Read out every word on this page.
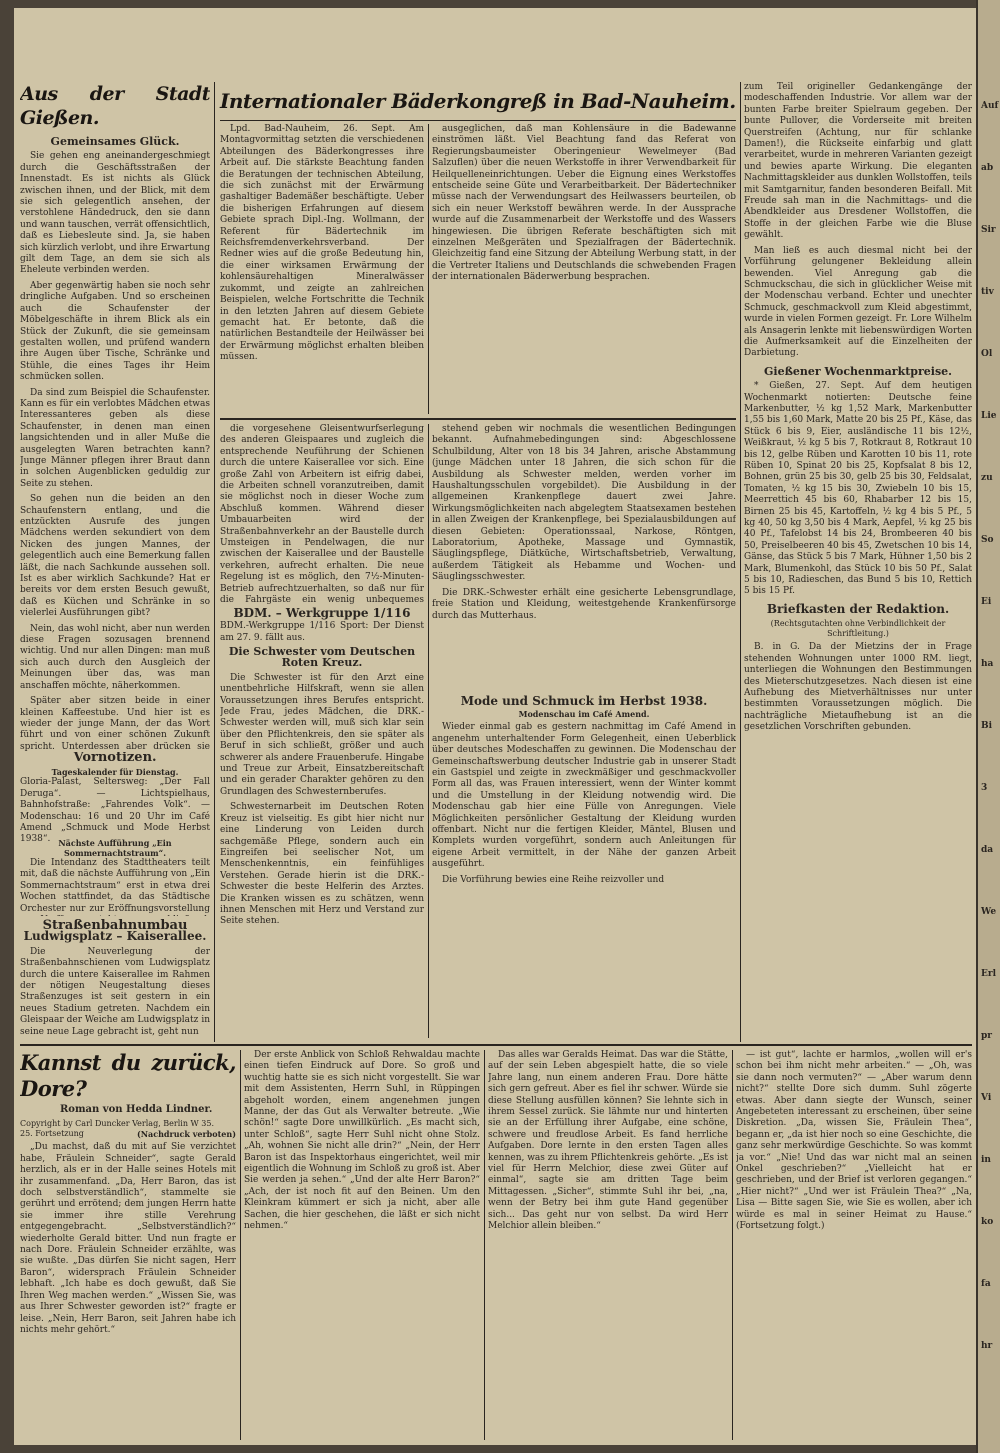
Aus der Stadt Gießen.
Gemeinsames Glück.

Sie gehen eng aneinandergeschmiegt durch die Geschäftsstraßen der Innenstadt. Es ist nichts als Glück zwischen ihnen, und der Blick, mit dem sie sich gelegentlich ansehen, der verstohlene Händedruck, den sie dann und wann tauschen, verrät offensichtlich, daß es Liebesleute sind. Ja, sie haben sich kürzlich verlobt, und ihre Erwartung gilt dem Tage, an dem sie sich als Eheleute verbinden werden.

Aber gegenwärtig haben sie noch sehr dringliche Aufgaben. Und so erscheinen auch die Schaufenster der Möbelgeschäfte in ihrem Blick als ein Stück der Zukunft, die sie gemeinsam gestalten wollen, und prüfend wandern ihre Augen über Tische, Schränke und Stühle, die eines Tages ihr Heim schmücken sollen.

Da sind zum Beispiel die Schaufenster. Kann es für ein verlobtes Mädchen etwas Interessanteres geben als diese Schaufenster, in denen man einen langsichtenden und in aller Muße die ausgelegten Waren betrachten kann? Junge Männer pflegen ihrer Braut dann in solchen Augenblicken geduldig zur Seite zu stehen.

So gehen nun die beiden an den Schaufenstern entlang, und die entzückten Ausrufe des jungen Mädchens werden sekundiert von dem Nicken des jungen Mannes, der gelegentlich auch eine Bemerkung fallen läßt, die nach Sachkunde aussehen soll. Ist es aber wirklich Sachkunde? Hat er bereits vor dem ersten Besuch gewußt, daß es Küchen und Schränke in so vielerlei Ausführungen gibt?

Nein, das wohl nicht, aber nun werden diese Fragen sozusagen brennend wichtig. Und nur allen Dingen: man muß sich auch durch den Ausgleich der Meinungen über das, was man anschaffen möchte, näherkommen.

Später aber sitzen beide in einer kleinen Kaffeestube. Und hier ist es wieder der junge Mann, der das Wort führt und von einer schönen Zukunft spricht. Unterdessen aber drücken sie

Vornotizen.
Tageskalender für Dienstag.

Gloria-Palast, Seltersweg: „Der Fall Deruga“. — Lichtspielhaus, Bahnhofstraße: „Fahrendes Volk“. — Modenschau: 16 und 20 Uhr im Café Amend „Schmuck und Mode Herbst 1938“. Nächste Aufführung „Ein Sommernachtstraum“.

Die Intendanz des Stadttheaters teilt mit, daß die nächste Aufführung von „Ein Sommernachtstraum“ erst in etwa drei Wochen stattfindet, da das Städtische Orchester nur zur Eröffnungsvorstellung

Straßenbahnumbau
Ludwigsplatz – Kaiserallee.

Die Neuverlegung der Straßenbahnschienen vom Ludwigsplatz durch die untere Kaiserallee im Rahmen der nötigen Neugestaltung dieses Straßenzuges ist seit gestern in ein neues Stadium getreten. Nachdem ein Gleispaar der Weiche am Ludwigsplatz in seine neue Lage gebracht ist, geht nun

Internationaler Bäderkongreß in Bad-Nauheim.

Lpd. Bad-Nauheim, 26. Sept. Am Montagvormittag setzten die verschiedenen Abteilungen des Bäderkongresses ihre Arbeit auf. Die stärkste Beachtung fanden die Beratungen der technischen Abteilung, die sich zunächst mit der Erwärmung gashaltiger Bademäßer beschäftigte. Ueber die bisherigen Erfahrungen auf diesem Gebiete sprach Dipl.-Ing. Wollmann, der Referent für Bädertechnik im Reichsfremdenverkehrsverband. Der Redner wies auf die große Bedeutung hin, die einer wirksamen Erwärmung der kohlensäurehaltigen Mineralwässer zukommt, und zeigte an zahlreichen Beispielen, welche Fortschritte die Technik in den letzten Jahren auf diesem Gebiete gemacht hat. Er betonte, daß die natürlichen Bestandteile der Heilwässer bei der Erwärmung möglichst erhalten bleiben müssen.

ausgeglichen, daß man Kohlensäure in die Badewanne einströmen läßt. Viel Beachtung fand das Referat von Regierungsbaumeister Oberingenieur Wewelmeyer (Bad Salzuflen) über die neuen Werkstoffe in ihrer Verwendbarkeit für Heilquelleneinrichtungen. Ueber die Eignung eines Werkstoffes entscheide seine Güte und Verarbeitbarkeit. Der Bädertechniker müsse nach der Verwendungsart des Heilwassers beurteilen, ob sich ein neuer Werkstoff bewähren werde. In der Aussprache wurde auf die Zusammenarbeit der Werkstoffe und des Wassers hingewiesen. Die übrigen Referate beschäftigten sich mit einzelnen Meßgeräten und Spezialfragen der Bädertechnik. Gleichzeitig fand eine Sitzung der Abteilung Werbung statt, in der die Vertreter Italiens und Deutschlands die schwebenden Fragen der internationalen Bäderwerbung besprachen.

die vorgesehene Gleisentwurfserlegung des anderen Gleispaares und zugleich die entsprechende Neuführung der Schienen durch die untere Kaiserallee vor sich. Eine große Zahl von Arbeitern ist eifrig dabei, die Arbeiten schnell voranzutreiben, damit sie möglichst noch in dieser Woche zum Abschluß kommen. Während dieser Umbauarbeiten wird der Straßenbahnverkehr an der Baustelle durch Umsteigen in Pendelwagen, die nur zwischen der Kaiserallee und der Baustelle verkehren, aufrecht erhalten. Die neue Regelung ist es möglich, den 7½-Minuten-Betrieb aufrechtzuerhalten, so daß nur für die Fahrgäste ein wenig unbequemes

BDM. – Werkgruppe 1/116

BDM.-Werkgruppe 1/116 Sport: Der Dienst am 27. 9. fällt aus.

Die Schwester vom Deutschen Roten Kreuz.

Die Schwester ist für den Arzt eine unentbehrliche Hilfskraft, wenn sie allen Voraussetzungen ihres Berufes entspricht. Jede Frau, jedes Mädchen, die DRK.-Schwester werden will, muß sich klar sein über den Pflichtenkreis, den sie später als Beruf in sich schließt, größer und auch schwerer als andere Frauenberufe. Hingabe und Treue zur Arbeit, Einsatzbereitschaft und ein gerader Charakter gehören zu den Grundlagen des Schwesternberufes.

Schwesternarbeit im Deutschen Roten Kreuz ist vielseitig. Es gibt hier nicht nur eine Linderung von Leiden durch sachgemäße Pflege, sondern auch ein Eingreifen bei seelischer Not, um Menschenkenntnis, ein feinfühliges Verstehen. Gerade hierin ist die DRK.-Schwester die beste Helferin des Arztes. Die Kranken wissen es zu schätzen, wenn ihnen Menschen mit Herz und Verstand zur Seite stehen.

stehend geben wir nochmals die wesentlichen Bedingungen bekannt. Aufnahmebedingungen sind: Abgeschlossene Schulbildung, Alter von 18 bis 34 Jahren, arische Abstammung (junge Mädchen unter 18 Jahren, die sich schon für die Ausbildung als Schwester melden, werden vorher im Haushaltungsschulen vorgebildet). Die Ausbildung in der allgemeinen Krankenpflege dauert zwei Jahre. Wirkungsmöglichkeiten nach abgelegtem Staatsexamen bestehen in allen Zweigen der Krankenpflege, bei Spezialausbildungen auf diesen Gebieten: Operationssaal, Narkose, Röntgen, Laboratorium, Apotheke, Massage und Gymnastik, Säuglingspflege, Diätküche, Wirtschaftsbetrieb, Verwaltung, außerdem Tätigkeit als Hebamme und Wochen- und Säuglingsschwester.

Die DRK.-Schwester erhält eine gesicherte Lebensgrundlage, freie Station und Kleidung, weitestgehende Krankenfürsorge durch das Mutterhaus.

Mode und Schmuck im Herbst 1938.
Modenschau im Café Amend.

Wieder einmal gab es gestern nachmittag im Café Amend in angenehm unterhaltender Form Gelegenheit, einen Ueberblick über deutsches Modeschaffen zu gewinnen. Die Modenschau der Gemeinschaftswerbung deutscher Industrie gab in unserer Stadt ein Gastspiel und zeigte in zweckmäßiger und geschmackvoller Form all das, was Frauen interessiert, wenn der Winter kommt und die Umstellung in der Kleidung notwendig wird. Die Modenschau gab hier eine Fülle von Anregungen. Viele Möglichkeiten persönlicher Gestaltung der Kleidung wurden offenbart. Nicht nur die fertigen Kleider, Mäntel, Blusen und Komplets wurden vorgeführt, sondern auch Anleitungen für eigene Arbeit vermittelt, in der Nähe der ganzen Arbeit ausgeführt.

Die Vorführung bewies eine Reihe reizvoller und

zum Teil origineller Gedankengänge der modeschaffenden Industrie. Vor allem war der bunten Farbe breiter Spielraum gegeben. Der bunte Pullover, die Vorderseite mit breiten Querstreifen (Achtung, nur für schlanke Damen!), die Rückseite einfarbig und glatt verarbeitet, wurde in mehreren Varianten gezeigt und bewies aparte Wirkung. Die eleganten Nachmittagskleider aus dunklen Wollstoffen, teils mit Samtgarnitur, fanden besonderen Beifall. Mit Freude sah man in die Nachmittags- und die Abendkleider aus Dresdener Wollstoffen, die Stoffe in der gleichen Farbe wie die Bluse gewählt.

Man ließ es auch diesmal nicht bei der Vorführung gelungener Bekleidung allein bewenden. Viel Anregung gab die Schmuckschau, die sich in glücklicher Weise mit der Modenschau verband. Echter und unechter Schmuck, geschmackvoll zum Kleid abgestimmt, wurde in vielen Formen gezeigt. Fr. Lore Wilhelm als Ansagerin lenkte mit liebenswürdigen Worten die Aufmerksamkeit auf die Einzelheiten der Darbietung.

Gießener Wochenmarktpreise.

* Gießen, 27. Sept. Auf dem heutigen Wochenmarkt notierten: Deutsche feine Markenbutter, ½ kg 1,52 Mark, Markenbutter 1,55 bis 1,60 Mark, Matte 20 bis 25 Pf., Käse, das Stück 6 bis 9, Eier, ausländische 11 bis 12½, Weißkraut, ½ kg 5 bis 7, Rotkraut 8, Rotkraut 10 bis 12, gelbe Rüben und Karotten 10 bis 11, rote Rüben 10, Spinat 20 bis 25, Kopfsalat 8 bis 12, Bohnen, grün 25 bis 30, gelb 25 bis 30, Feldsalat, Tomaten, ½ kg 15 bis 30, Zwiebeln 10 bis 15, Meerrettich 45 bis 60, Rhabarber 12 bis 15, Birnen 25 bis 45, Kartoffeln, ½ kg 4 bis 5 Pf., 5 kg 40, 50 kg 3,50 bis 4 Mark, Aepfel, ½ kg 25 bis 40 Pf., Tafelobst 14 bis 24, Brombeeren 40 bis 50, Preiselbeeren 40 bis 45, Zwetschen 10 bis 14, Gänse, das Stück 5 bis 7 Mark, Hühner 1,50 bis 2 Mark, Blumenkohl, das Stück 10 bis 50 Pf., Salat 5 bis 10, Radieschen, das Bund 5 bis 10, Rettich 5 bis 15 Pf.

Briefkasten der Redaktion.
(Rechtsgutachten ohne Verbindlichkeit der Schriftleitung.)

B. in G. Da der Mietzins der in Frage stehenden Wohnungen unter 1000 RM. liegt, unterliegen die Wohnungen den Bestimmungen des Mieterschutzgesetzes. Nach diesen ist eine Aufhebung des Mietverhältnisses nur unter bestimmten Voraussetzungen möglich. Die nachträgliche Mietaufhebung ist an die gesetzlichen Vorschriften gebunden.

Kannst du zurück, Dore?
Roman von Hedda Lindner.
Copyright by Carl Duncker Verlag, Berlin W 35.
25. Fortsetzung	(Nachdruck verboten)

„Du machst, daß du mit auf Sie verzichtet habe, Fräulein Schneider“, sagte Gerald herzlich, als er in der Halle seines Hotels mit ihr zusammenfand. „Da, Herr Baron, das ist doch selbstverständlich“, stammelte sie gerührt und errötend; dem jungen Herrn hatte sie immer ihre stille Verehrung entgegengebracht. „Selbstverständlich?“ wiederholte Gerald bitter. Und nun fragte er nach Dore. Fräulein Schneider erzählte, was sie wußte. „Das dürfen Sie nicht sagen, Herr Baron“, widersprach Fräulein Schneider lebhaft. „Ich habe es doch gewußt, daß Sie Ihren Weg machen werden.“ „Wissen Sie, was aus Ihrer Schwester geworden ist?“ fragte er leise. „Nein, Herr Baron, seit Jahren habe ich nichts mehr gehört.“

Der erste Anblick von Schloß Rehwaldau machte einen tiefen Eindruck auf Dore. So groß und wuchtig hatte sie es sich nicht vorgestellt. Sie war mit dem Assistenten, Herrn Suhl, in Rüppingen abgeholt worden, einem angenehmen jungen Manne, der das Gut als Verwalter betreute. „Wie schön!“ sagte Dore unwillkürlich. „Es macht sich, unter Schloß“, sagte Herr Suhl nicht ohne Stolz. „Ah, wohnen Sie nicht alle drin?“ „Nein, der Herr Baron ist das Inspektorhaus eingerichtet, weil mir eigentlich die Wohnung im Schloß zu groß ist. Aber Sie werden ja sehen.“ „Und der alte Herr Baron?“ „Ach, der ist noch fit auf den Beinen. Um den Kleinkram kümmert er sich ja nicht, aber alle Sachen, die hier geschehen, die läßt er sich nicht nehmen.“

Das alles war Geralds Heimat. Das war die Stätte, auf der sein Leben abgespielt hatte, die so viele Jahre lang, nun einem anderen Frau. Dore hätte sich gern gefreut. Aber es fiel ihr schwer. Würde sie diese Stellung ausfüllen können? Sie lehnte sich in ihrem Sessel zurück. Sie lähmte nur und hinterten sie an der Erfüllung ihrer Aufgabe, eine schöne, schwere und freudlose Arbeit. Es fand herrliche Aufgaben. Dore lernte in den ersten Tagen alles kennen, was zu ihrem Pflichtenkreis gehörte. „Es ist viel für Herrn Melchior, diese zwei Güter auf einmal“, sagte sie am dritten Tage beim Mittagessen. „Sicher“, stimmte Suhl ihr bei, „na, wenn der Betry bei ihm gute Hand gegenüber sich... Das geht nur von selbst. Da wird Herr Melchior allein bleiben.“

— ist gut“, lachte er harmlos, „wollen will er's schon bei ihm nicht mehr arbeiten.“ — „Oh, was sie dann noch vermuten?“ — „Aber warum denn nicht?“ stellte Dore sich dumm. Suhl zögerte etwas. Aber dann siegte der Wunsch, seiner Angebeteten interessant zu erscheinen, über seine Diskretion. „Da, wissen Sie, Fräulein Thea“, begann er, „da ist hier noch so eine Geschichte, die ganz sehr merkwürdige Geschichte. So was kommt ja vor.“ „Nie! Und das war nicht mal an seinen Onkel geschrieben?“ „Vielleicht hat er geschrieben, und der Brief ist verloren gegangen.“ „Hier nicht?“ „Und wer ist Fräulein Thea?“ „Na, Lisa — Bitte sagen Sie, wie Sie es wollen, aber ich würde es mal in seiner Heimat zu Hause.“ (Fortsetzung folgt.)

Auf
ab
Sir
tiv
Ol
Lie
zu
So
Ei
ha
Bi
3
da
We
Erl
pr
Vi
in
ko
fa
hr
